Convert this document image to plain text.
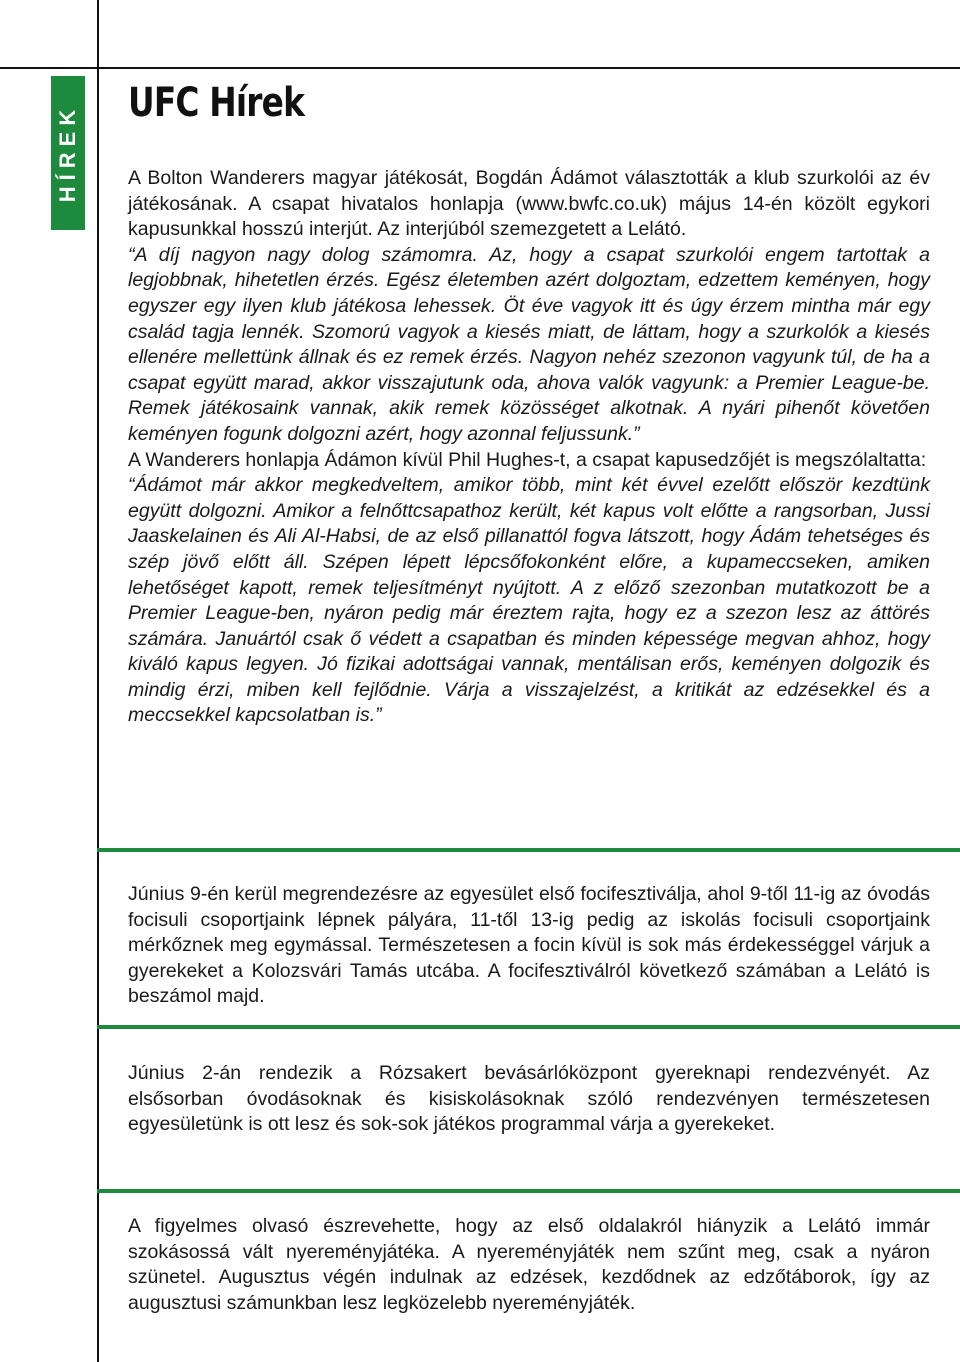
HÍREK
UFC Hírek

A Bolton Wanderers magyar játékosát, Bogdán Ádámot választották a klub szurkolói az év játékosának. A csapat hivatalos honlapja (www.bwfc.co.uk) május 14-én közölt egykori kapusunkkal hosszú interjút. Az interjúból szemezgetett a Lelátó.

“A díj nagyon nagy dolog számomra. Az, hogy a csapat szurkolói engem tartottak a legjobbnak, hihetetlen érzés. Egész életemben azért dolgoztam, edzettem keményen, hogy egyszer egy ilyen klub játékosa lehessek. Öt éve vagyok itt és úgy érzem mintha már egy család tagja lennék. Szomorú vagyok a kiesés miatt, de láttam, hogy a szurkolók a kiesés ellenére mellettünk állnak és ez remek érzés. Nagyon nehéz szezonon vagyunk túl, de ha a csapat együtt marad, akkor visszajutunk oda, ahova valók vagyunk: a Premier League-be. Remek játékosaink vannak, akik remek közösséget alkotnak. A nyári pihenőt követően keményen fogunk dolgozni azért, hogy azonnal feljussunk.”

A Wanderers honlapja Ádámon kívül Phil Hughes-t, a csapat kapusedzőjét is megszólaltatta:

“Ádámot már akkor megkedveltem, amikor több, mint két évvel ezelőtt először kezdtünk együtt dolgozni. Amikor a felnőttcsapathoz került, két kapus volt előtte a rangsorban, Jussi Jaaskelainen és Ali Al-Habsi, de az első pillanattól fogva látszott, hogy Ádám tehetséges és szép jövő előtt áll. Szépen lépett lépcsőfokonként előre, a kupameccseken, amiken lehetőséget kapott, remek teljesítményt nyújtott. A z előző szezonban mutatkozott be a Premier League-ben, nyáron pedig már éreztem rajta, hogy ez a szezon lesz az áttörés számára. Januártól csak ő védett a csapatban és minden képessége megvan ahhoz, hogy kiváló kapus legyen. Jó fizikai adottságai vannak, mentálisan erős, keményen dolgozik és mindig érzi, miben kell fejlődnie. Várja a visszajelzést, a kritikát az edzésekkel és a meccsekkel kapcsolatban is.”

Június 9-én kerül megrendezésre az egyesület első focifesztiválja, ahol 9-től 11-ig az óvodás focisuli csoportjaink lépnek pályára, 11-től 13-ig pedig az iskolás focisuli csoportjaink mérkőznek meg egymással. Természetesen a focin kívül is sok más érdekességgel várjuk a gyerekeket a Kolozsvári Tamás utcába. A focifesztiválról következő számában a Lelátó is beszámol majd.

Június 2-án rendezik a Rózsakert bevásárlóközpont gyereknapi rendezvényét. Az elsősorban óvodásoknak és kisiskolásoknak szóló rendezvényen természetesen egyesületünk is ott lesz és sok-sok játékos programmal várja a gyerekeket.

A figyelmes olvasó észrevehette, hogy az első oldalakról hiányzik a Lelátó immár szokásossá vált nyereményjátéka. A nyereményjáték nem szűnt meg, csak a nyáron szünetel. Augusztus végén indulnak az edzések, kezdődnek az edzőtáborok, így az augusztusi számunkban lesz legközelebb nyereményjáték.
